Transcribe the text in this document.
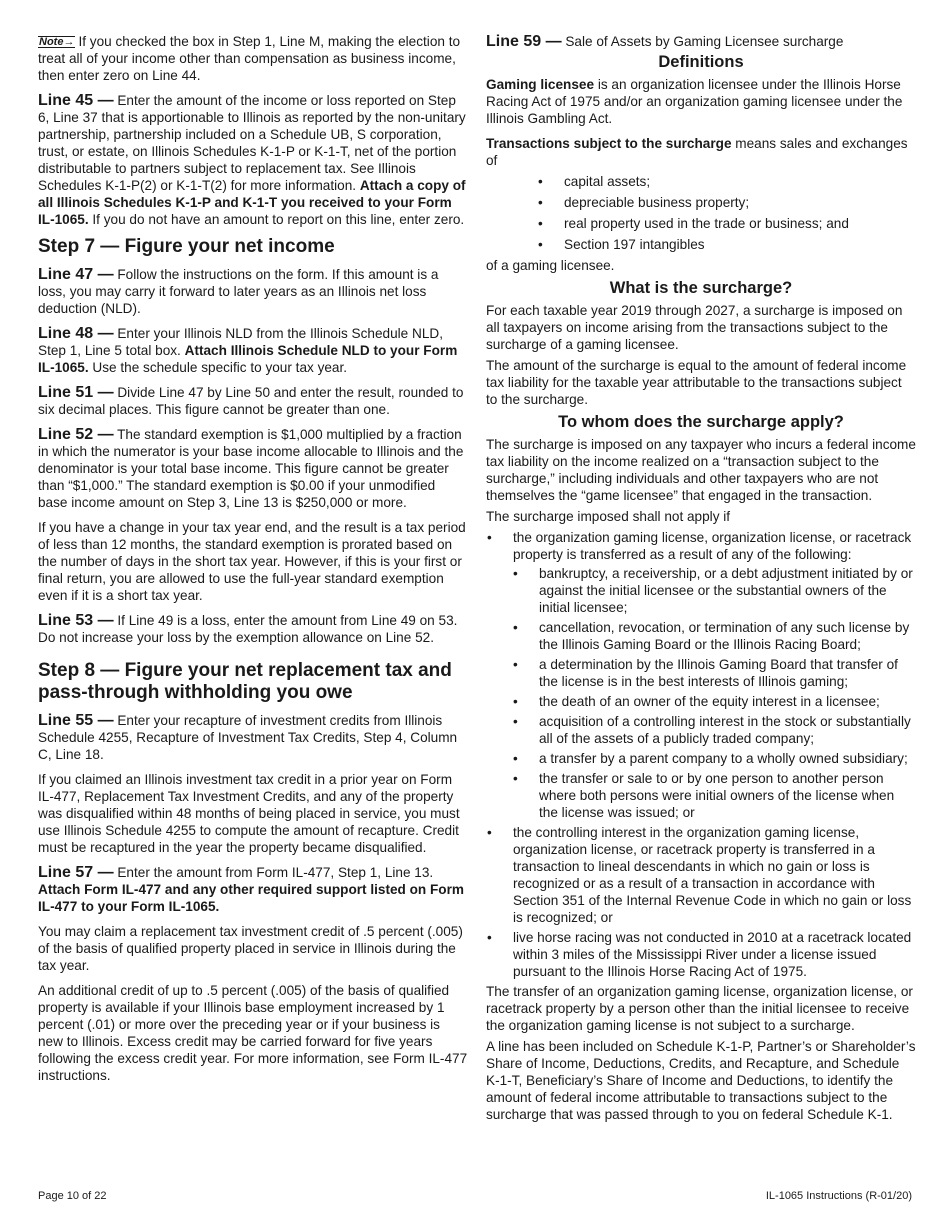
Note→ If you checked the box in Step 1, Line M, making the election to treat all of your income other than compensation as business income, then enter zero on Line 44.

Line 45 — Enter the amount of the income or loss reported on Step 6, Line 37 that is apportionable to Illinois as reported by the non-unitary partnership, partnership included on a Schedule UB, S corporation, trust, or estate, on Illinois Schedules K-1-P or K-1-T, net of the portion distributable to partners subject to replacement tax. See Illinois Schedules K-1-P(2) or K-1-T(2) for more information. Attach a copy of all Illinois Schedules K-1-P and K-1-T you received to your Form IL-1065. If you do not have an amount to report on this line, enter zero.

Step 7 — Figure your net income

Line 47 — Follow the instructions on the form. If this amount is a loss, you may carry it forward to later years as an Illinois net loss deduction (NLD).

Line 48 — Enter your Illinois NLD from the Illinois Schedule NLD, Step 1, Line 5 total box. Attach Illinois Schedule NLD to your Form IL-1065. Use the schedule specific to your tax year.

Line 51 — Divide Line 47 by Line 50 and enter the result, rounded to six decimal places. This figure cannot be greater than one.

Line 52 — The standard exemption is $1,000 multiplied by a fraction in which the numerator is your base income allocable to Illinois and the denominator is your total base income. This figure cannot be greater than “$1,000.” The standard exemption is $0.00 if your unmodified base income amount on Step 3, Line 13 is $250,000 or more.

If you have a change in your tax year end, and the result is a tax period of less than 12 months, the standard exemption is prorated based on the number of days in the short tax year. However, if this is your first or final return, you are allowed to use the full-year standard exemption even if it is a short tax year.

Line 53 — If Line 49 is a loss, enter the amount from Line 49 on 53. Do not increase your loss by the exemption allowance on Line 52.

Step 8 — Figure your net replacement tax and pass-through withholding you owe

Line 55 — Enter your recapture of investment credits from Illinois Schedule 4255, Recapture of Investment Tax Credits, Step 4, Column C, Line 18.

If you claimed an Illinois investment tax credit in a prior year on Form IL-477, Replacement Tax Investment Credits, and any of the property was disqualified within 48 months of being placed in service, you must use Illinois Schedule 4255 to compute the amount of recapture. Credit must be recaptured in the year the property became disqualified.

Line 57 — Enter the amount from Form IL-477, Step 1, Line 13. Attach Form IL-477 and any other required support listed on Form IL-477 to your Form IL-1065.

You may claim a replacement tax investment credit of .5 percent (.005) of the basis of qualified property placed in service in Illinois during the tax year.

An additional credit of up to .5 percent (.005) of the basis of qualified property is available if your Illinois base employment increased by 1 percent (.01) or more over the preceding year or if your business is new to Illinois. Excess credit may be carried forward for five years following the excess credit year. For more information, see Form IL-477 instructions.

Line 59 — Sale of Assets by Gaming Licensee surcharge

Definitions

Gaming licensee is an organization licensee under the Illinois Horse Racing Act of 1975 and/or an organization gaming licensee under the Illinois Gambling Act.

Transactions subject to the surcharge means sales and exchanges of

• capital assets;
• depreciable business property;
• real property used in the trade or business; and
• Section 197 intangibles

of a gaming licensee.

What is the surcharge?

For each taxable year 2019 through 2027, a surcharge is imposed on all taxpayers on income arising from the transactions subject to the surcharge of a gaming licensee.

The amount of the surcharge is equal to the amount of federal income tax liability for the taxable year attributable to the transactions subject to the surcharge.

To whom does the surcharge apply?

The surcharge is imposed on any taxpayer who incurs a federal income tax liability on the income realized on a “transaction subject to the surcharge,” including individuals and other taxpayers who are not themselves the “game licensee” that engaged in the transaction.

The surcharge imposed shall not apply if

• the organization gaming license, organization license, or racetrack property is transferred as a result of any of the following:
• bankruptcy, a receivership, or a debt adjustment initiated by or against the initial licensee or the substantial owners of the initial licensee;
• cancellation, revocation, or termination of any such license by the Illinois Gaming Board or the Illinois Racing Board;
• a determination by the Illinois Gaming Board that transfer of the license is in the best interests of Illinois gaming;
• the death of an owner of the equity interest in a licensee;
• acquisition of a controlling interest in the stock or substantially all of the assets of a publicly traded company;
• a transfer by a parent company to a wholly owned subsidiary;
• the transfer or sale to or by one person to another person where both persons were initial owners of the license when the license was issued; or
• the controlling interest in the organization gaming license, organization license, or racetrack property is transferred in a transaction to lineal descendants in which no gain or loss is recognized or as a result of a transaction in accordance with Section 351 of the Internal Revenue Code in which no gain or loss is recognized; or
• live horse racing was not conducted in 2010 at a racetrack located within 3 miles of the Mississippi River under a license issued pursuant to the Illinois Horse Racing Act of 1975.

The transfer of an organization gaming license, organization license, or racetrack property by a person other than the initial licensee to receive the organization gaming license is not subject to a surcharge.

A line has been included on Schedule K-1-P, Partner’s or Shareholder’s Share of Income, Deductions, Credits, and Recapture, and Schedule K-1-T, Beneficiary’s Share of Income and Deductions, to identify the amount of federal income attributable to transactions subject to the surcharge that was passed through to you on federal Schedule K-1.

Page 10 of 22	IL-1065 Instructions (R-01/20)
